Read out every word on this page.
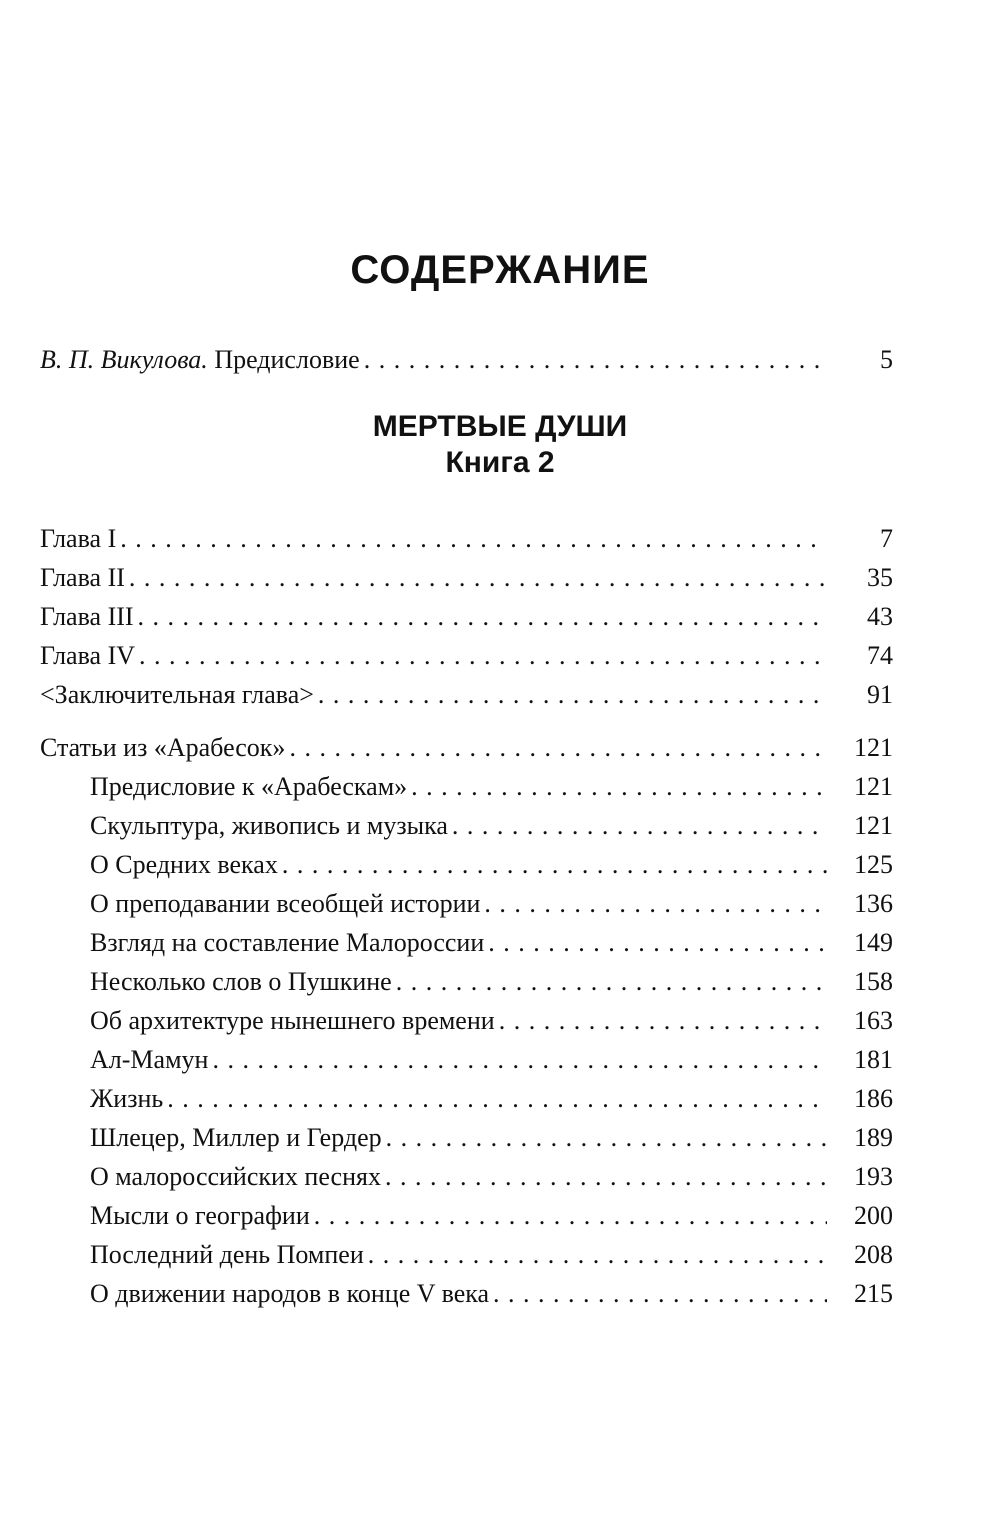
СОДЕРЖАНИЕ
В. П. Викулова. Предисловие . . .	5
МЕРТВЫЕ ДУШИ
Книга 2
Глава I . . .	7
Глава II . . .	35
Глава III . . .	43
Глава IV . . .	74
<Заключительная глава> . . .	91
Статьи из «Арабесок» . . .	121
Предисловие к «Арабескам» . . .	121
Скульптура, живопись и музыка . . .	121
О Средних веках . . .	125
О преподавании всеобщей истории . . .	136
Взгляд на составление Малороссии . . .	149
Несколько слов о Пушкине . . .	158
Об архитектуре нынешнего времени . . .	163
Ал-Мамун . . .	181
Жизнь . . .	186
Шлецер, Миллер и Гердер . . .	189
О малороссийских песнях . . .	193
Мысли о географии . . .	200
Последний день Помпеи . . .	208
О движении народов в конце V века . . .	215
